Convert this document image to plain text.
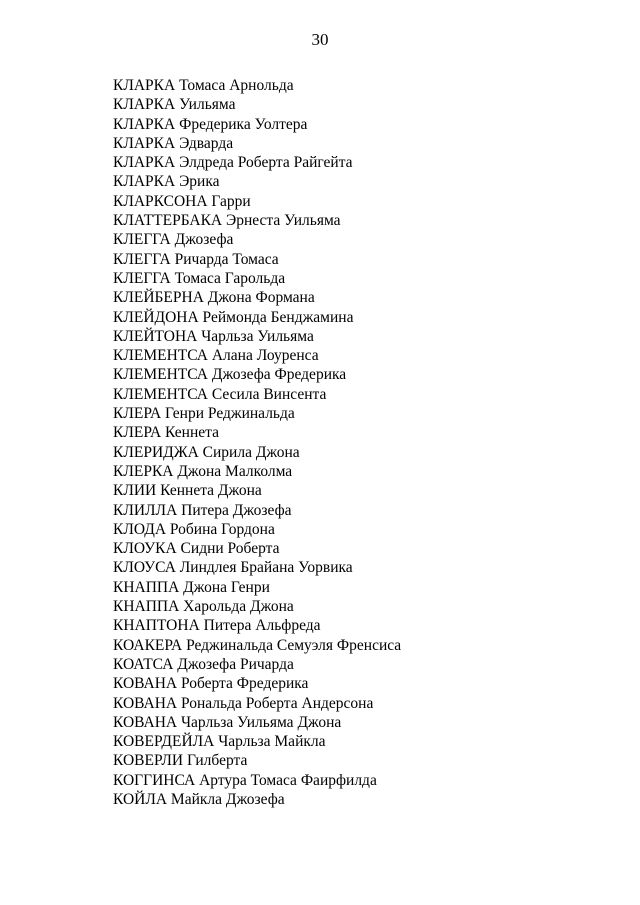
30
КЛАРКА Томаса Арнольда
КЛАРКА Уильяма
КЛАРКА Фредерика Уолтера
КЛАРКА Эдварда
КЛАРКА Элдреда Роберта Райгейта
КЛАРКА Эрика
КЛАРКСОНА Гарри
КЛАТТЕРБАКА Эрнеста Уильяма
КЛЕГГА Джозефа
КЛЕГГА Ричарда Томаса
КЛЕГГА Томаса Гарольда
КЛЕЙБЕРНА Джона Формана
КЛЕЙДОНА Реймонда Бенджамина
КЛЕЙТОНА Чарльза Уильяма
КЛЕМЕНТСА Алана Лоуренса
КЛЕМЕНТСА Джозефа Фредерика
КЛЕМЕНТСА Сесила Винсента
КЛЕРА Генри Реджинальда
КЛЕРА Кеннета
КЛЕРИДЖА Сирила Джона
КЛЕРКА Джона Малколма
КЛИИ Кеннета Джона
КЛИЛЛА Питера Джозефа
КЛОДА Робина Гордона
КЛОУКА Сидни Роберта
КЛОУСА Линдлея Брайана Уорвика
КНАППА Джона Генри
КНАППА Харольда Джона
КНАПТОНА Питера Альфреда
КОАКЕРА Реджинальда Семуэля Френсиса
КОАТСА Джозефа Ричарда
КОВАНА Роберта Фредерика
КОВАНА Рональда Роберта Андерсона
КОВАНА Чарльза Уильяма Джона
КОВЕРДЕЙЛА Чарльза Майкла
КОВЕРЛИ Гилберта
КОГГИНСА Артура Томаса Фаирфилда
КОЙЛА Майкла Джозефа
